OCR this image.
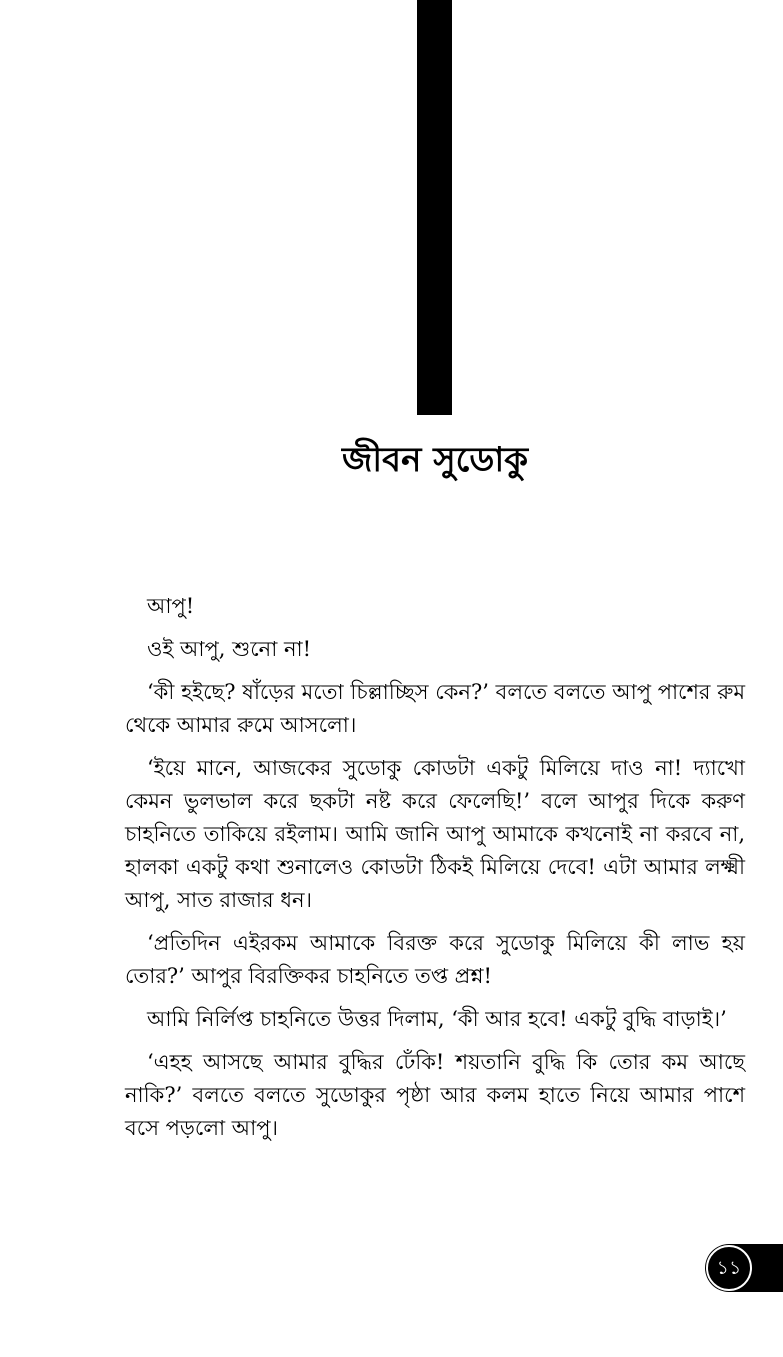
জীবন সুডোকু

আপু!

ওই আপু, শুনো না!

‘কী হইছে? ষাঁড়ের মতো চিল্লাচ্ছিস কেন?’ বলতে বলতে আপু পাশের রুম থেকে আমার রুমে আসলো।

‘ইয়ে মানে, আজকের সুডোকু কোডটা একটু মিলিয়ে দাও না! দ্যাখো কেমন ভুলভাল করে ছকটা নষ্ট করে ফেলেছি!’ বলে আপুর দিকে করুণ চাহনিতে তাকিয়ে রইলাম। আমি জানি আপু আমাকে কখনোই না করবে না, হালকা একটু কথা শুনালেও কোডটা ঠিকই মিলিয়ে দেবে! এটা আমার লক্ষ্মী আপু, সাত রাজার ধন।

‘প্রতিদিন এইরকম আমাকে বিরক্ত করে সুডোকু মিলিয়ে কী লাভ হয় তোর?’ আপুর বিরক্তিকর চাহনিতে তপ্ত প্রশ্ন!

আমি নির্লিপ্ত চাহনিতে উত্তর দিলাম, ‘কী আর হবে! একটু বুদ্ধি বাড়াই।’

‘এহহ আসছে আমার বুদ্ধির ঢেঁকি! শয়তানি বুদ্ধি কি তোর কম আছে নাকি?’ বলতে বলতে সুডোকুর পৃষ্ঠা আর কলম হাতে নিয়ে আমার পাশে বসে পড়লো আপু।

১১
